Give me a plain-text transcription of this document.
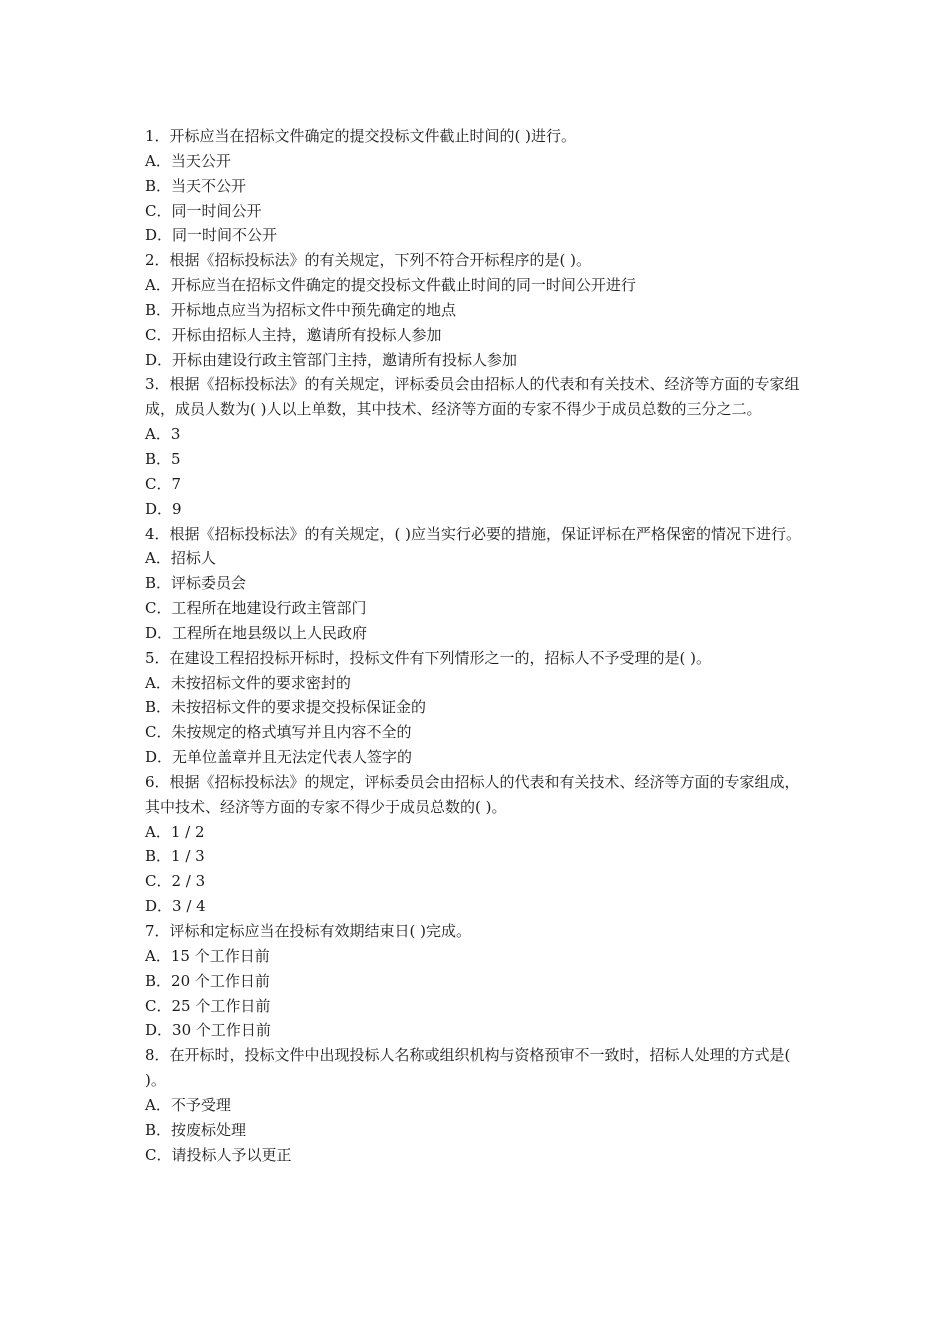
1．开标应当在招标文件确定的提交投标文件截止时间的( )进行。

A．当天公开

B．当天不公开

C．同一时间公开

D．同一时间不公开

2．根据《招标投标法》的有关规定，下列不符合开标程序的是( )。

A．开标应当在招标文件确定的提交投标文件截止时间的同一时间公开进行

B．开标地点应当为招标文件中预先确定的地点

C．开标由招标人主持，邀请所有投标人参加

D．开标由建设行政主管部门主持，邀请所有投标人参加

3．根据《招标投标法》的有关规定，评标委员会由招标人的代表和有关技术、经济等方面的专家组成，成员人数为( )人以上单数，其中技术、经济等方面的专家不得少于成员总数的三分之二。

A．3

B．5

C．7

D．9

4．根据《招标投标法》的有关规定，( )应当实行必要的措施，保证评标在严格保密的情况下进行。

A．招标人

B．评标委员会

C．工程所在地建设行政主管部门

D．工程所在地县级以上人民政府

5．在建设工程招投标开标时，投标文件有下列情形之一的，招标人不予受理的是( )。

A．未按招标文件的要求密封的

B．未按招标文件的要求提交投标保证金的

C．朱按规定的格式填写并且内容不全的

D．无单位盖章并且无法定代表人签字的

6．根据《招标投标法》的规定，评标委员会由招标人的代表和有关技术、经济等方面的专家组成，其中技术、经济等方面的专家不得少于成员总数的( )。

A．1 / 2

B．1 / 3

C．2 / 3

D．3 / 4

7．评标和定标应当在投标有效期结束日( )完成。

A．15 个工作日前

B．20 个工作日前

C．25 个工作日前

D．30 个工作日前

8．在开标时，投标文件中出现投标人名称或组织机构与资格预审不一致时，招标人处理的方式是( )。

A．不予受理

B．按废标处理

C．请投标人予以更正
